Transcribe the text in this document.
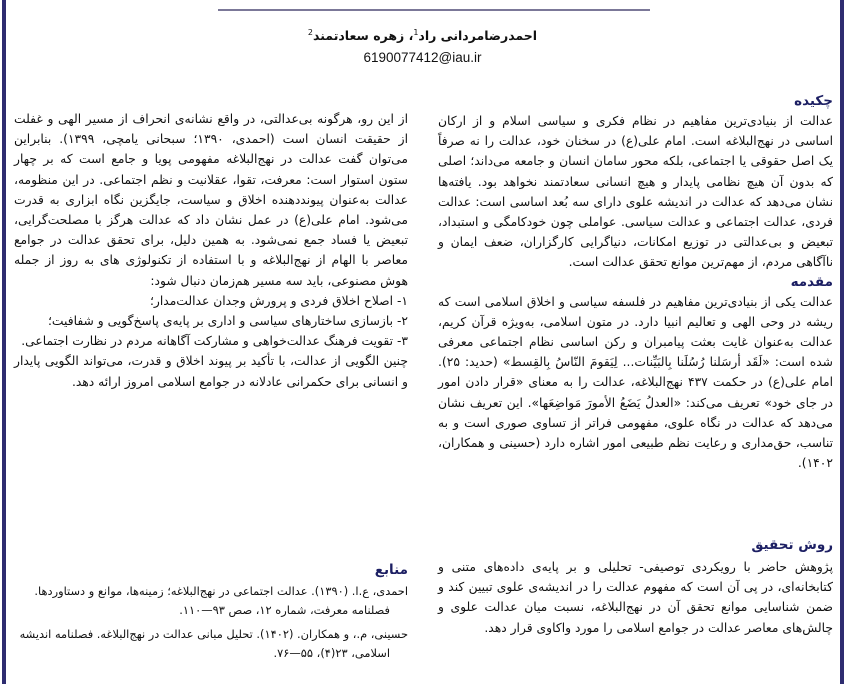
احمدرضامردانی راد$^1$، زهره سعادتمند$^2$
6190077412@iau.ir
چکیده

عدالت از بنیادی‌ترین مفاهیم در نظام فکری و سیاسی اسلام و از ارکان اساسی در نهج‌البلاغه است. امام علی(ع) در سخنان خود، عدالت را نه صرفاً یک اصل حقوقی یا اجتماعی، بلکه محور سامان انسان و جامعه می‌داند؛ اصلی که بدون آن هیچ نظامی پایدار و هیچ انسانی سعادتمند نخواهد بود. یافته‌ها نشان می‌دهد که عدالت در اندیشه علوی دارای سه بُعد اساسی است: عدالت فردی، عدالت اجتماعی و عدالت سیاسی. عواملی چون خودکامگی و استبداد، تبعیض و بی‌عدالتی در توزیع امکانات، دنیاگرایی کارگزاران، ضعف ایمان و ناآگاهی مردم، از مهم‌ترین موانع تحقق عدالت است.

مقدمه

عدالت یکی از بنیادی‌ترین مفاهیم در فلسفه سیاسی و اخلاق اسلامی است که ریشه در وحی الهی و تعالیم انبیا دارد. در متون اسلامی، به‌ویژه قرآن کریم، عدالت به‌عنوان غایت بعثت پیامبران و رکن اساسی نظام اجتماعی معرفی شده است: «لَقَد أرسَلنا رُسُلَنا بِالبَیِّنات... لِیَقومَ النّاسُ بِالقِسط» (حدید: ۲۵). امام علی(ع) در حکمت ۴۳۷ نهج‌البلاغه، عدالت را به معنای «قرار دادن امور در جای خود» تعریف می‌کند: «العدلُ یَضَعُ الأمورَ مَواضِعَها». این تعریف نشان می‌دهد که عدالت در نگاه علوی، مفهومی فراتر از تساوی صوری است و به تناسب، حق‌مداری و رعایت نظم طبیعی امور اشاره دارد (حسینی و همکاران، ۱۴۰۲).

روش تحقیق
پژوهش حاضر با رویکردی توصیفی- تحلیلی و بر پایه‌ی داده‌های متنی و کتابخانه‌ای، در پی آن است که مفهوم عدالت را در اندیشه‌ی علوی تبیین کند و ضمن شناسایی موانع تحقق آن در نهج‌البلاغه، نسبت میان عدالت علوی و چالش‌های معاصر عدالت در جوامع اسلامی را مورد واکاوی قرار دهد.

از این رو، هرگونه بی‌عدالتی، در واقع نشانه‌ی انحراف از مسیر الهی و غفلت از حقیقت انسان است (احمدی، ۱۳۹۰؛ سبحانی یامچی، ۱۳۹۹). بنابراین می‌توان گفت عدالت در نهج‌البلاغه مفهومی پویا و جامع است که بر چهار ستون استوار است: معرفت، تقوا، عقلانیت و نظم اجتماعی. در این منظومه، عدالت به‌عنوان پیونددهنده اخلاق و سیاست، جایگزین نگاه ابزاری به قدرت می‌شود. امام علی(ع) در عمل نشان داد که عدالت هرگز با مصلحت‌گرایی، تبعیض یا فساد جمع نمی‌شود. به همین دلیل، برای تحقق عدالت در جوامع معاصر با الهام از نهج‌البلاغه و با استفاده از تکنولوژی های به روز از جمله هوش مصنوعی، باید سه مسیر هم‌زمان دنبال شود:

۱- اصلاح اخلاق فردی و پرورش وجدان عدالت‌مدار؛

۲- بازسازی ساختارهای سیاسی و اداری بر پایه‌ی پاسخ‌گویی و شفافیت؛

۳- تقویت فرهنگ عدالت‌خواهی و مشارکت آگاهانه مردم در نظارت اجتماعی.

چنین الگویی از عدالت، با تأکید بر پیوند اخلاق و قدرت، می‌تواند الگویی پایدار و انسانی برای حکمرانی عادلانه در جوامع اسلامی امروز ارائه دهد.

منابع

احمدی، ع.ا. (۱۳۹۰). عدالت اجتماعی در نهج‌البلاغه؛ زمینه‌ها، موانع و دستاوردها. فصلنامه معرفت، شماره ۱۲، صص ۹۳—۱۱۰.

حسینی، م.، و همکاران. (۱۴۰۲). تحلیل مبانی عدالت در نهج‌البلاغه. فصلنامه اندیشه اسلامی، ۲۳(۴)، ۵۵—۷۶.
